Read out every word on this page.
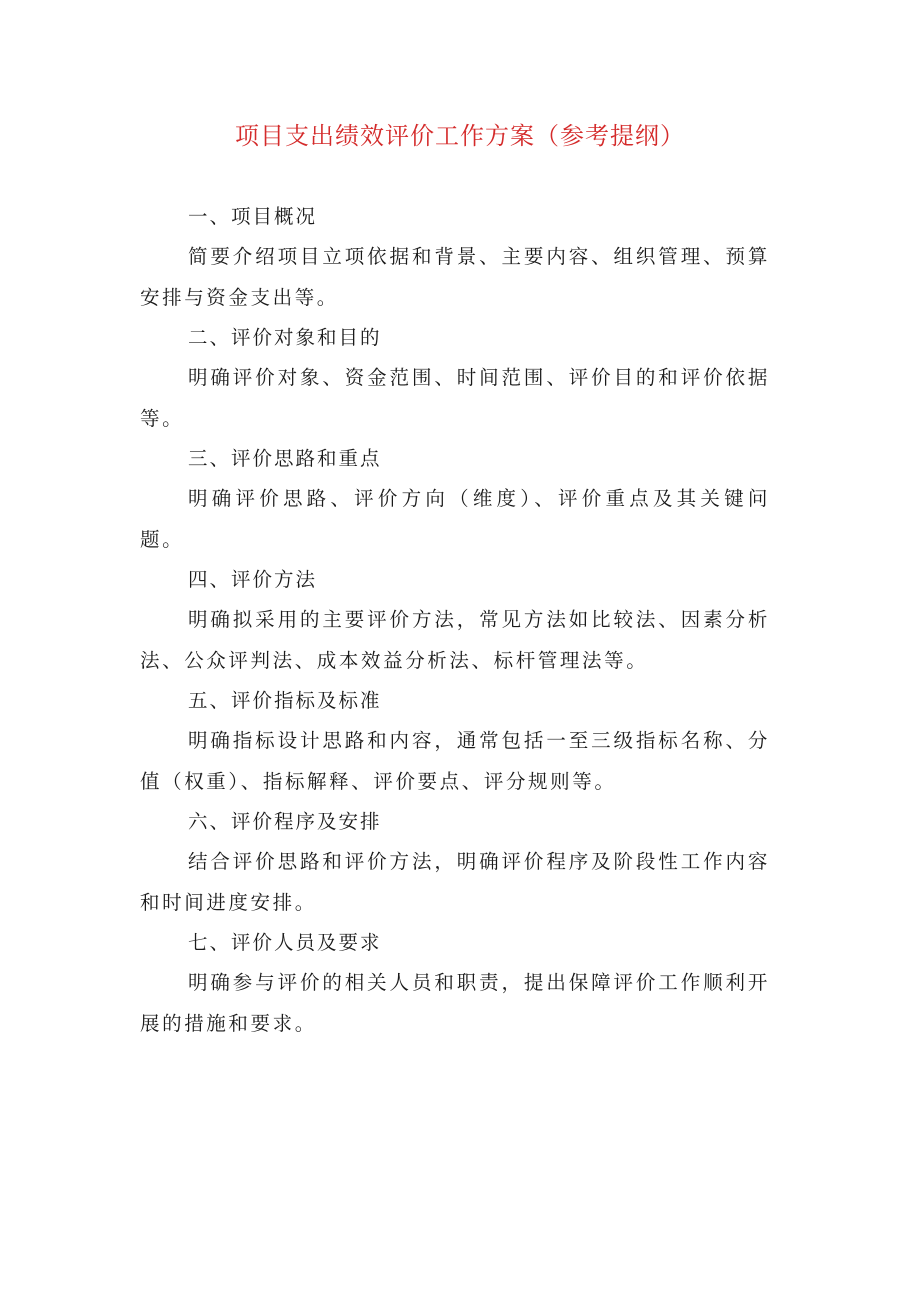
项目支出绩效评价工作方案（参考提纲）
一、项目概况

简要介绍项目立项依据和背景、主要内容、组织管理、预算安排与资金支出等。

二、评价对象和目的

明确评价对象、资金范围、时间范围、评价目的和评价依据等。

三、评价思路和重点

明确评价思路、评价方向（维度）、评价重点及其关键问题。

四、评价方法

明确拟采用的主要评价方法，常见方法如比较法、因素分析法、公众评判法、成本效益分析法、标杆管理法等。

五、评价指标及标准

明确指标设计思路和内容，通常包括一至三级指标名称、分值（权重）、指标解释、评价要点、评分规则等。

六、评价程序及安排

结合评价思路和评价方法，明确评价程序及阶段性工作内容和时间进度安排。

七、评价人员及要求

明确参与评价的相关人员和职责，提出保障评价工作顺利开展的措施和要求。
